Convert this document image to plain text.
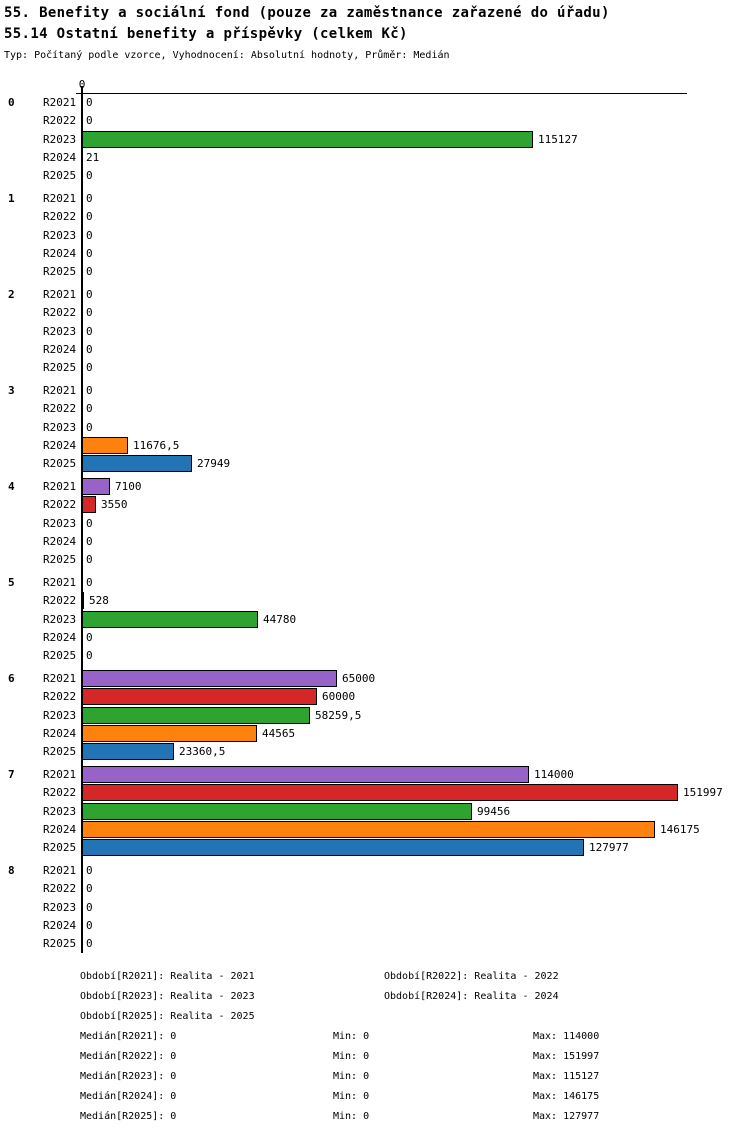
55. Benefity a sociální fond (pouze za zaměstnance zařazené do úřadu)
55.14 Ostatní benefity a příspěvky (celkem Kč)
Typ: Počítaný podle vzorce, Vyhodnocení: Absolutní hodnoty, Průměr: Medián
0
0	R2021 0
R2022 0
R2023	115127
R2024 21
R2025 0
1	R2021 0
R2022 0
R2023 0
R2024 0
R2025 0
2	R2021 0
R2022 0
R2023 0
R2024 0
R2025 0
3	R2021 0
R2022 0
R2023 0
R2024	11676,5
R2025	27949
4	R2021	7100
R2022 3550
R2023 0
R2024 0
R2025 0
5	R2021 0
R2022 528
R2023	44780
R2024 0
R2025 0
6	R2021	65000
R2022	60000
R2023	58259,5
R2024	44565
R2025	23360,5
7	R2021	114000
R2022	151997
R2023	99456
R2024	146175
R2025	127977
8	R2021 0
R2022 0
R2023 0
R2024 0
R2025 0
Období[R2021]: Realita - 2021	Období[R2022]: Realita - 2022
Období[R2023]: Realita - 2023	Období[R2024]: Realita - 2024
Období[R2025]: Realita - 2025
Medián[R2021]: 0	Min: 0	Max: 114000
Medián[R2022]: 0	Min: 0	Max: 151997
Medián[R2023]: 0	Min: 0	Max: 115127
Medián[R2024]: 0	Min: 0	Max: 146175
Medián[R2025]: 0	Min: 0	Max: 127977
